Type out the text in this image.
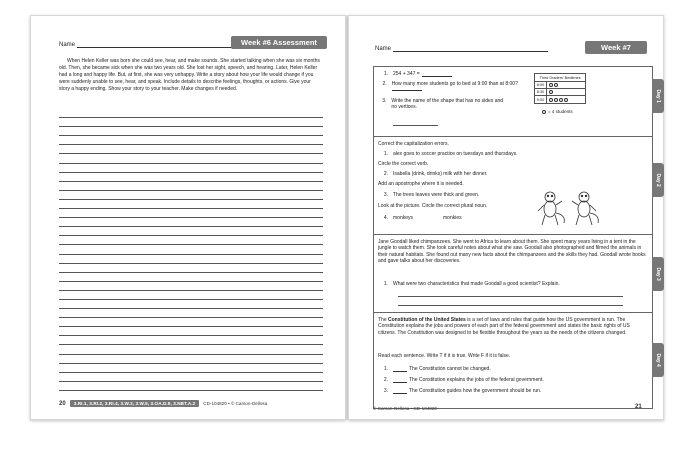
Name	Week #6 Assessment
When Helen Keller was born she could see, hear, and make sounds. She started talking when she was six months old. Then, she became sick when she was two years old. She lost her sight, speech, and hearing. Later, Helen Keller had a long and happy life. But, at first, she was very unhappy. Write a story about how your life would change if you were suddenly unable to see, hear, and speak. Include details to describe feelings, thoughts, or actions. Give your story a happy ending. Show your story to your teacher. Make changes if needed.
20	3.RI.1, 3.RI.2, 3.RI.4, 3.W.3, 3.W.5, 3.OA.D.9, 3.NBT.A.2	CD-104820 • © Carson-Dellosa
Name	Week #7
Day 1
1. 254 + 347 =
2. How many more students go to bed at 9:00 than at 8:00?
3. Write the name of the shape that has no sides and no vertices.
Third Graders' Bedtimes
8:00
8:30
9:00
= 4 students
Day 2
Correct the capitalization errors.
1. alex goes to soccer practice on tuesdays and thursdays.
Circle the correct verb.
2. Isabella (drink, drinks) milk with her dinner.
Add an apostrophe where it is needed.
3. The trees leaves were thick and green.
Look at the picture. Circle the correct plural noun.
4. monkeys	monkies
Day 3
Jane Goodall liked chimpanzees. She went to Africa to learn about them. She spent many years living in a tent in the jungle to watch them. She took careful notes about what she saw. Goodall also photographed and filmed the animals in their natural habitats. She found out many new facts about the chimpanzees and the skills they had. Goodall wrote books and gave talks about her discoveries.
1. What were two characteristics that made Goodall a good scientist? Explain.
Day 4
The Constitution of the United States is a set of laws and rules that guide how the US government is run. The Constitution explains the jobs and powers of each part of the federal government and states the basic rights of US citizens. The Constitution was designed to be flexible throughout the years as the needs of the citizens changed.
Read each sentence. Write T if it is true. Write F if it is false.
1.	The Constitution cannot be changed.
2.	The Constitution explains the jobs of the federal government.
3.	The Constitution guides how the government should be run.
© Carson-Dellosa • CD-104820	21
